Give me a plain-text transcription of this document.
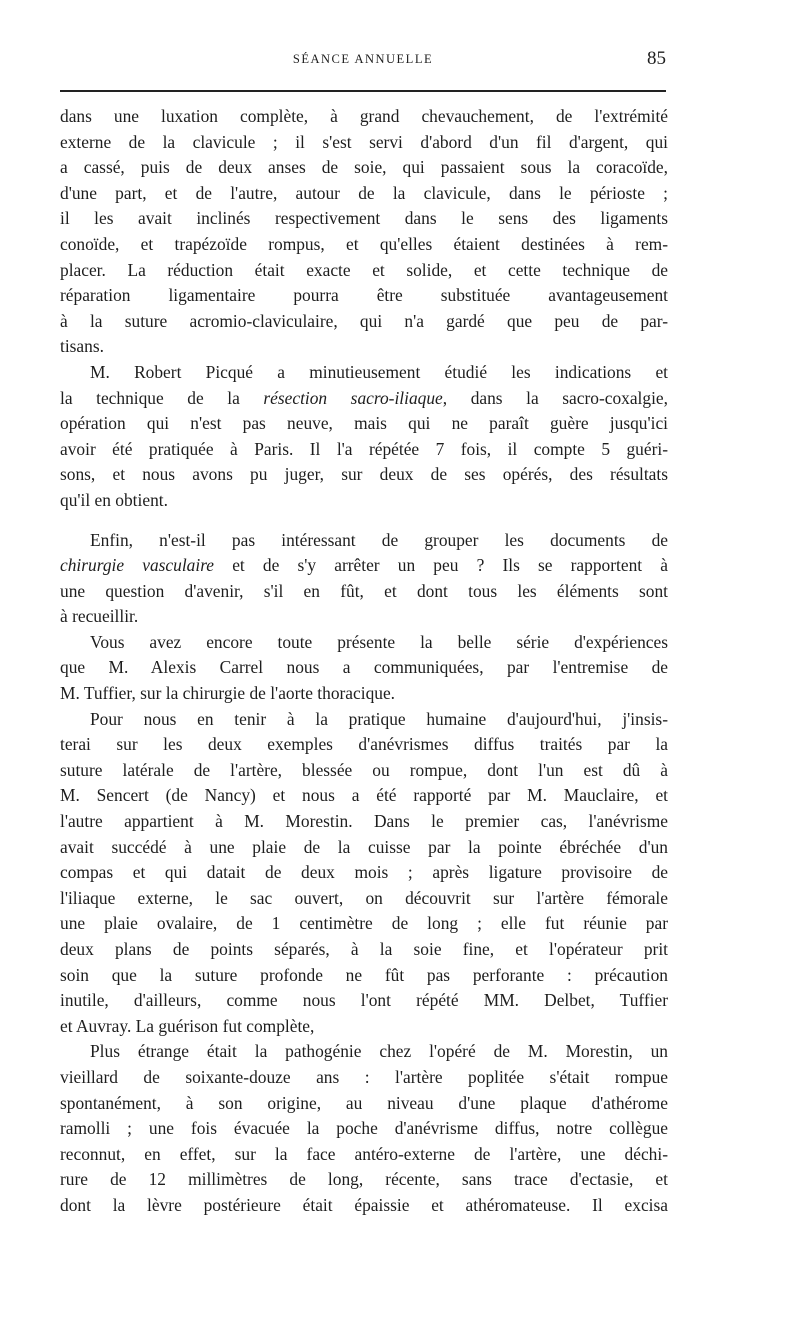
SÉANCE ANNUELLE	85
dans une luxation complète, à grand chevauchement, de l'extrémité
externe de la clavicule ; il s'est servi d'abord d'un fil d'argent, qui
a cassé, puis de deux anses de soie, qui passaient sous la coracoïde,
d'une part, et de l'autre, autour de la clavicule, dans le périoste ;
il les avait inclinés respectivement dans le sens des ligaments
conoïde, et trapézoïde rompus, et qu'elles étaient destinées à rem-
placer. La réduction était exacte et solide, et cette technique de
réparation ligamentaire pourra être substituée avantageusement
à la suture acromio-claviculaire, qui n'a gardé que peu de par-
tisans.
M. Robert Picqué a minutieusement étudié les indications et
la technique de la résection sacro-iliaque, dans la sacro-coxalgie,
opération qui n'est pas neuve, mais qui ne paraît guère jusqu'ici
avoir été pratiquée à Paris. Il l'a répétée 7 fois, il compte 5 guéri-
sons, et nous avons pu juger, sur deux de ses opérés, des résultats
qu'il en obtient.
Enfin, n'est-il pas intéressant de grouper les documents de
chirurgie vasculaire et de s'y arrêter un peu ? Ils se rapportent à
une question d'avenir, s'il en fût, et dont tous les éléments sont
à recueillir.
Vous avez encore toute présente la belle série d'expériences
que M. Alexis Carrel nous a communiquées, par l'entremise de
M. Tuffier, sur la chirurgie de l'aorte thoracique.
Pour nous en tenir à la pratique humaine d'aujourd'hui, j'insis-
terai sur les deux exemples d'anévrismes diffus traités par la
suture latérale de l'artère, blessée ou rompue, dont l'un est dû à
M. Sencert (de Nancy) et nous a été rapporté par M. Mauclaire, et
l'autre appartient à M. Morestin. Dans le premier cas, l'anévrisme
avait succédé à une plaie de la cuisse par la pointe ébréchée d'un
compas et qui datait de deux mois ; après ligature provisoire de
l'iliaque externe, le sac ouvert, on découvrit sur l'artère fémorale
une plaie ovalaire, de 1 centimètre de long ; elle fut réunie par
deux plans de points séparés, à la soie fine, et l'opérateur prit
soin que la suture profonde ne fût pas perforante : précaution
inutile, d'ailleurs, comme nous l'ont répété MM. Delbet, Tuffier
et Auvray. La guérison fut complète,
Plus étrange était la pathogénie chez l'opéré de M. Morestin, un
vieillard de soixante-douze ans : l'artère poplitée s'était rompue
spontanément, à son origine, au niveau d'une plaque d'athérome
ramolli ; une fois évacuée la poche d'anévrisme diffus, notre collègue
reconnut, en effet, sur la face antéro-externe de l'artère, une déchi-
rure de 12 millimètres de long, récente, sans trace d'ectasie, et
dont la lèvre postérieure était épaissie et athéromateuse. Il excisa
